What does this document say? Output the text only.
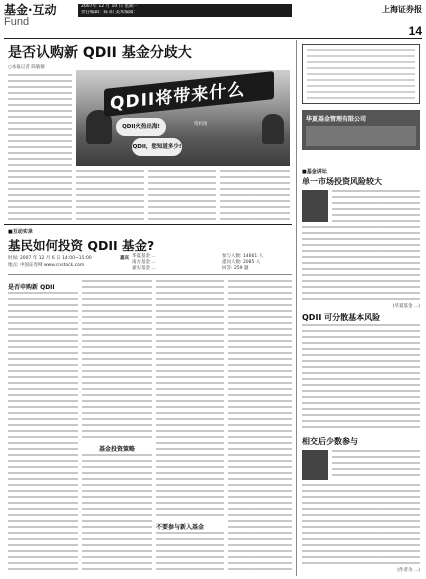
基金·互动
Fund
2007年 12 月 10 日 星期一
责任编辑：陈 阳 美术编辑：	上海证券报
14
是否认购新 QDII 基金分歧大
○本报记者 陈敏敏
QDII将带来什么
QDII火热出海!
QDII，您知道多少!
资料图
■互动实录
基民如何投资 QDII 基金?
时间: 2007 年 12 月 6 日 14:00~15:00
地点: 中国证券网 www.cnstock.com
嘉宾 华夏基金 ...
南方基金 ...
嘉实基金 ...
参与人数: 14661 人
提问人数: 2085 人
回答: 259 题
是否申购新 QDII
基金投资策略
不要参与新入基金
华夏基金管理有限公司
■基金讲坛
单一市场投资风险较大
(华夏基金 ...)
QDII 可分散基本风险
相交后少数参与
(作者为 ...)
